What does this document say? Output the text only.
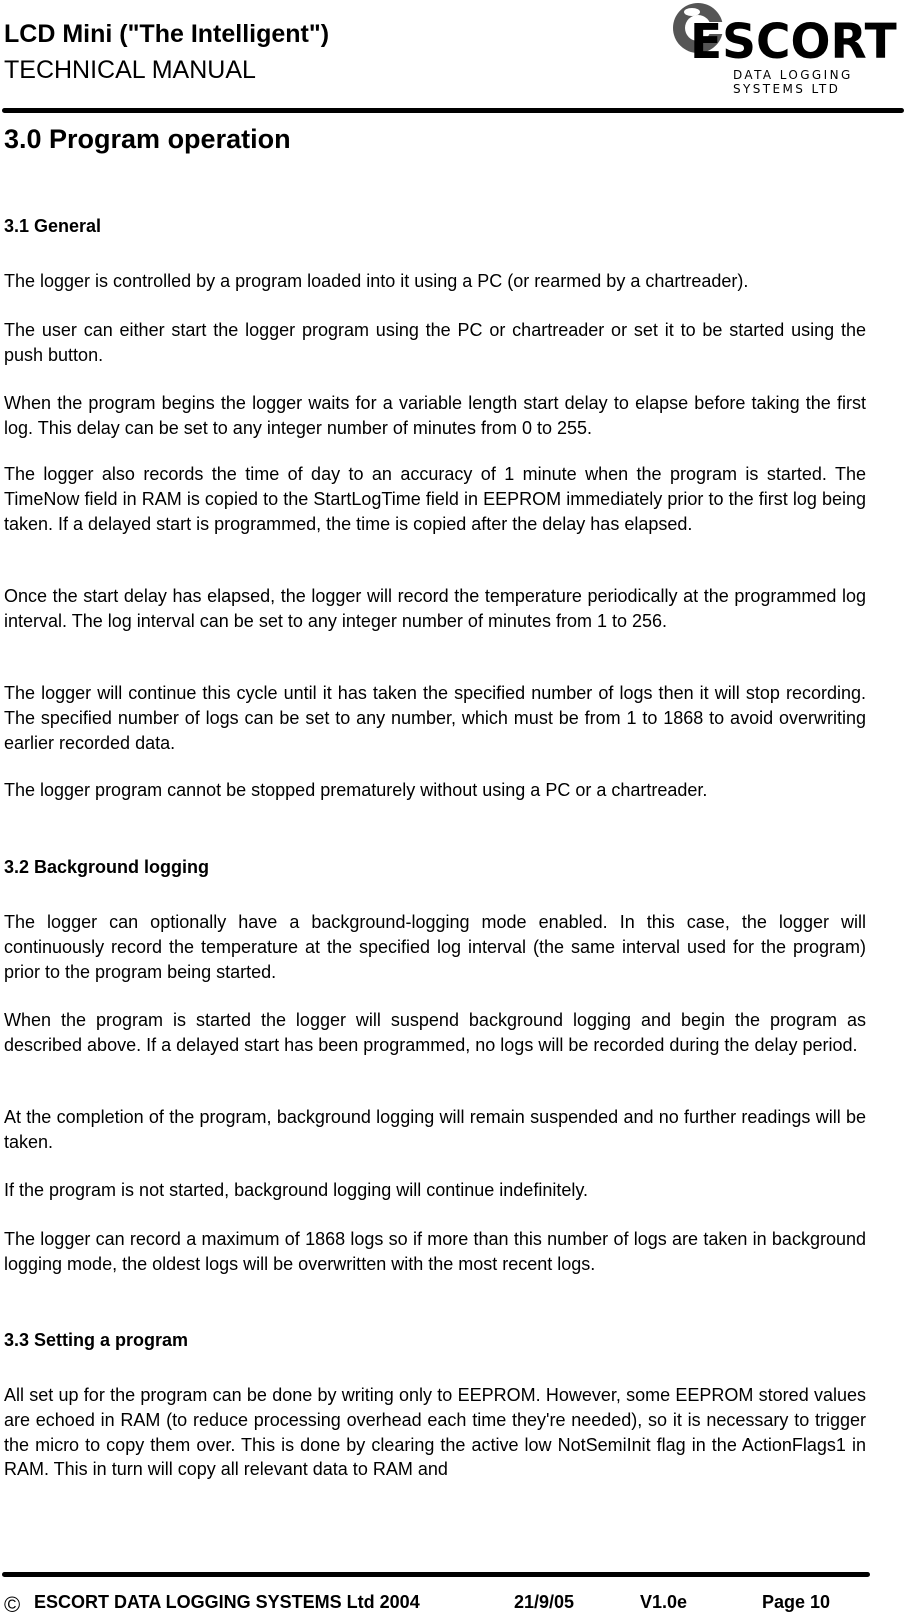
LCD Mini ("The Intelligent")
TECHNICAL MANUAL	ESCORT
DATA LOGGING SYSTEMS LTD
3.0 Program operation
3.1 General
The logger is controlled by a program loaded into it using a PC (or rearmed by a chartreader).
The user can either start the logger program using the PC or chartreader or set it to be started using the push button.
When the program begins the logger waits for a variable length start delay to elapse before taking the first log. This delay can be set to any integer number of minutes from 0 to 255.
The logger also records the time of day to an accuracy of 1 minute when the program is started. The TimeNow field in RAM is copied to the StartLogTime field in EEPROM immediately prior to the first log being taken. If a delayed start is programmed, the time is copied after the delay has elapsed.
Once the start delay has elapsed, the logger will record the temperature periodically at the programmed log interval. The log interval can be set to any integer number of minutes from 1 to 256.
The logger will continue this cycle until it has taken the specified number of logs then it will stop recording. The specified number of logs can be set to any number, which must be from 1 to 1868 to avoid overwriting earlier recorded data.
The logger program cannot be stopped prematurely without using a PC or a chartreader.
3.2 Background logging
The logger can optionally have a background-logging mode enabled. In this case, the logger will continuously record the temperature at the specified log interval (the same interval used for the program) prior to the program being started.
When the program is started the logger will suspend background logging and begin the program as described above. If a delayed start has been programmed, no logs will be recorded during the delay period.
At the completion of the program, background logging will remain suspended and no further readings will be taken.
If the program is not started, background logging will continue indefinitely.
The logger can record a maximum of 1868 logs so if more than this number of logs are taken in background logging mode, the oldest logs will be overwritten with the most recent logs.
3.3 Setting a program
All set up for the program can be done by writing only to EEPROM. However, some EEPROM stored values are echoed in RAM (to reduce processing overhead each time they're needed), so it is necessary to trigger the micro to copy them over. This is done by clearing the active low NotSemiInit flag in the ActionFlags1 in RAM. This in turn will copy all relevant data to RAM and
© ESCORT DATA LOGGING SYSTEMS Ltd 2004	21/9/05	V1.0e	Page 10
